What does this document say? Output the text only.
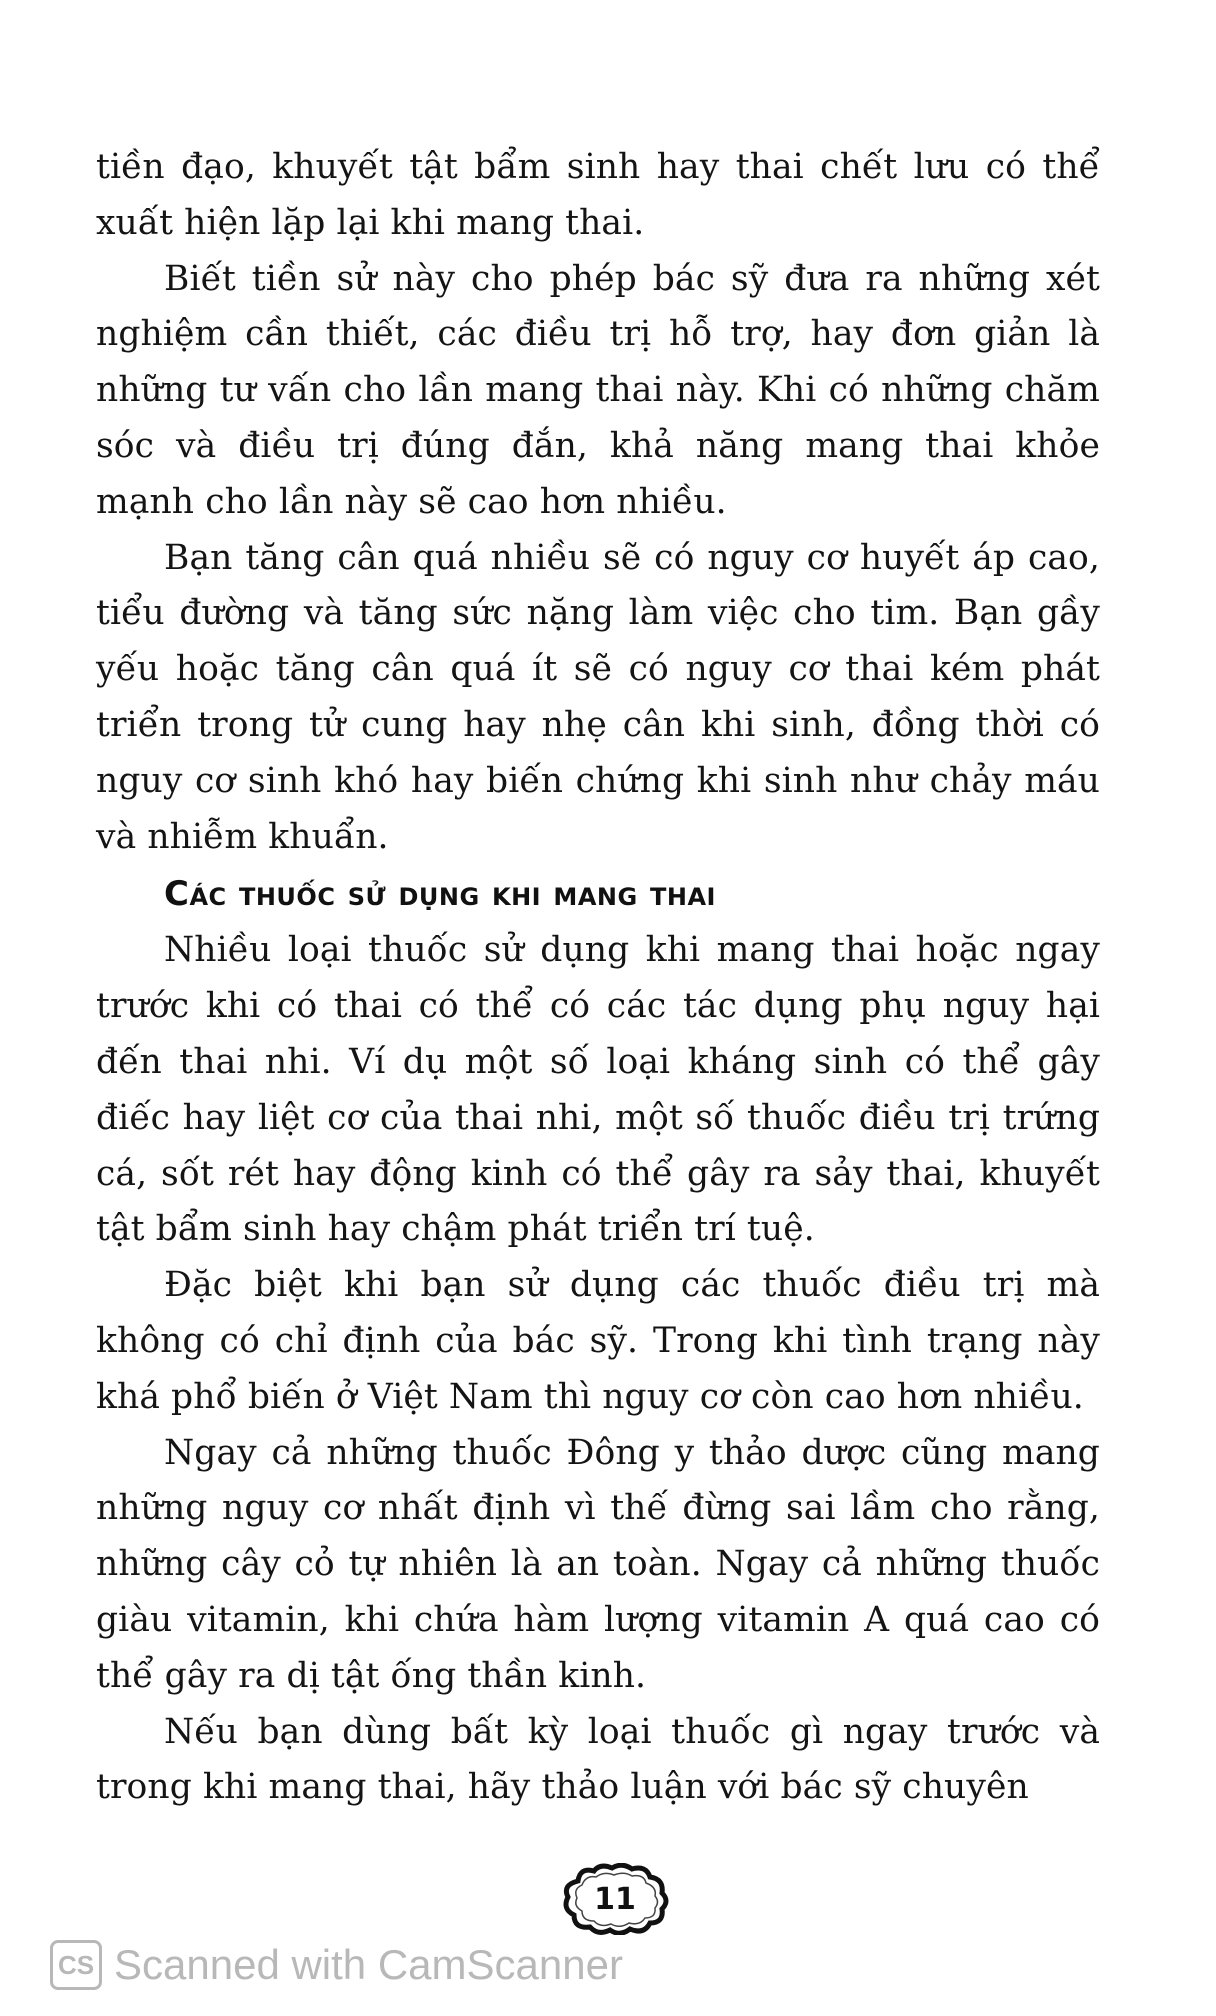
tiền đạo, khuyết tật bẩm sinh hay thai chết lưu có thể xuất hiện lặp lại khi mang thai.

Biết tiền sử này cho phép bác sỹ đưa ra những xét nghiệm cần thiết, các điều trị hỗ trợ, hay đơn giản là những tư vấn cho lần mang thai này. Khi có những chăm sóc và điều trị đúng đắn, khả năng mang thai khỏe mạnh cho lần này sẽ cao hơn nhiều.

Bạn tăng cân quá nhiều sẽ có nguy cơ huyết áp cao, tiểu đường và tăng sức nặng làm việc cho tim. Bạn gầy yếu hoặc tăng cân quá ít sẽ có nguy cơ thai kém phát triển trong tử cung hay nhẹ cân khi sinh, đồng thời có nguy cơ sinh khó hay biến chứng khi sinh như chảy máu và nhiễm khuẩn.

Các thuốc sử dụng khi mang thai

Nhiều loại thuốc sử dụng khi mang thai hoặc ngay trước khi có thai có thể có các tác dụng phụ nguy hại đến thai nhi. Ví dụ một số loại kháng sinh có thể gây điếc hay liệt cơ của thai nhi, một số thuốc điều trị trứng cá, sốt rét hay động kinh có thể gây ra sảy thai, khuyết tật bẩm sinh hay chậm phát triển trí tuệ.

Đặc biệt khi bạn sử dụng các thuốc điều trị mà không có chỉ định của bác sỹ. Trong khi tình trạng này khá phổ biến ở Việt Nam thì nguy cơ còn cao hơn nhiều.

Ngay cả những thuốc Đông y thảo dược cũng mang những nguy cơ nhất định vì thế đừng sai lầm cho rằng, những cây cỏ tự nhiên là an toàn. Ngay cả những thuốc giàu vitamin, khi chứa hàm lượng vitamin A quá cao có thể gây ra dị tật ống thần kinh.

Nếu bạn dùng bất kỳ loại thuốc gì ngay trước và trong khi mang thai, hãy thảo luận với bác sỹ chuyên

11
CS Scanned with CamScanner
